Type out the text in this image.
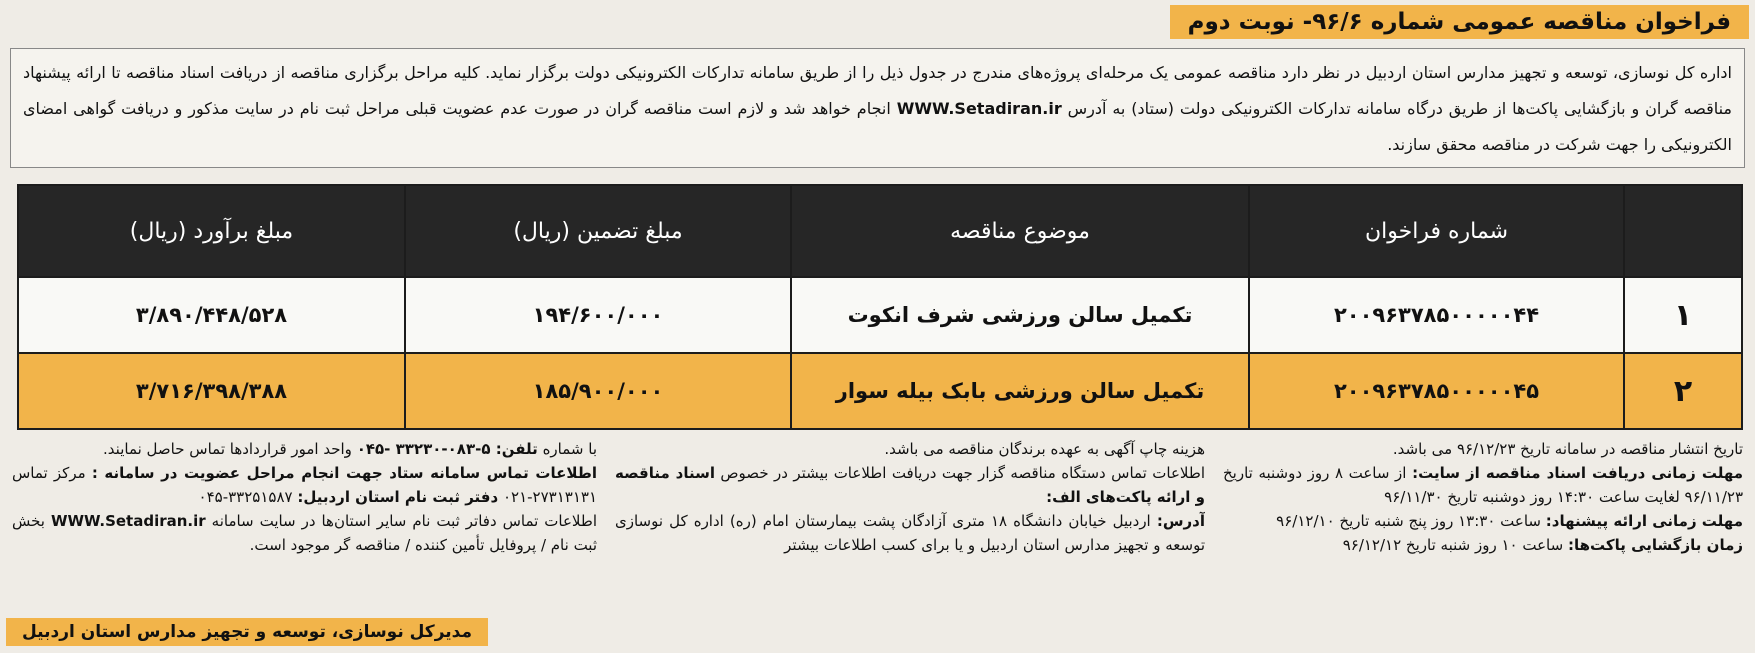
فراخوان مناقصه عمومی شماره ۹۶/۶- نوبت دوم
اداره کل نوسازی، توسعه و تجهیز مدارس استان اردبیل در نظر دارد مناقصه عمومی یک مرحله‌ای پروژه‌های مندرج در جدول ذیل را از طریق سامانه تدارکات الکترونیکی دولت برگزار نماید. کلیه مراحل برگزاری مناقصه از دریافت اسناد مناقصه تا ارائه پیشنهاد مناقصه گران و بازگشایی پاکت‌ها از طریق درگاه سامانه تدارکات الکترونیکی دولت (ستاد) به آدرس WWW.Setadiran.ir انجام خواهد شد و لازم است مناقصه گران در صورت عدم عضویت قبلی مراحل ثبت نام در سایت مذکور و دریافت گواهی امضای الکترونیکی را جهت شرکت در مناقصه محقق سازند.
	شماره فراخوان	موضوع مناقصه	مبلغ تضمین (ریال)	مبلغ برآورد (ریال)
۱	۲۰۰۹۶۳۷۸۵۰۰۰۰۰۴۴	تکمیل سالن ورزشی شرف انکوت	۱۹۴/۶۰۰/۰۰۰	۳/۸۹۰/۴۴۸/۵۲۸
۲	۲۰۰۹۶۳۷۸۵۰۰۰۰۰۴۵	تکمیل سالن ورزشی بابک بیله سوار	۱۸۵/۹۰۰/۰۰۰	۳/۷۱۶/۳۹۸/۳۸۸
تاریخ انتشار مناقصه در سامانه تاریخ ۹۶/۱۲/۲۳ می باشد.
مهلت زمانی دریافت اسناد مناقصه از سایت: از ساعت ۸ روز دوشنبه تاریخ ۹۶/۱۱/۲۳ لغایت ساعت ۱۴:۳۰ روز دوشنبه تاریخ ۹۶/۱۱/۳۰
مهلت زمانی ارائه پیشنهاد: ساعت ۱۳:۳۰ روز پنج شنبه تاریخ ۹۶/۱۲/۱۰
زمان بازگشایی پاکت‌ها: ساعت ۱۰ روز شنبه تاریخ ۹۶/۱۲/۱۲
هزینه چاپ آگهی به عهده برندگان مناقصه می باشد.
اطلاعات تماس دستگاه مناقصه گزار جهت دریافت اطلاعات بیشتر در خصوص اسناد مناقصه و ارائه پاکت‌های الف:
آدرس: اردبیل خیابان دانشگاه ۱۸ متری آزادگان پشت بیمارستان امام (ره) اداره کل نوسازی توسعه و تجهیز مدارس استان اردبیل و یا برای کسب اطلاعات بیشتر
با شماره تلفن: ۵-۰۸۳-۳۳۲۳۰ -۰۴۵ واحد امور قراردادها تماس حاصل نمایند.
اطلاعات تماس سامانه ستاد جهت انجام مراحل عضویت در سامانه : مرکز تماس ۲۷۳۱۳۱۳۱-۰۲۱ دفتر ثبت نام استان اردبیل: ۳۳۲۵۱۵۸۷-۰۴۵
اطلاعات تماس دفاتر ثبت نام سایر استان‌ها در سایت سامانه WWW.Setadiran.ir بخش ثبت نام / پروفایل تأمین کننده / مناقصه گر موجود است.
مدیرکل نوسازی، توسعه و تجهیز مدارس استان اردبیل
